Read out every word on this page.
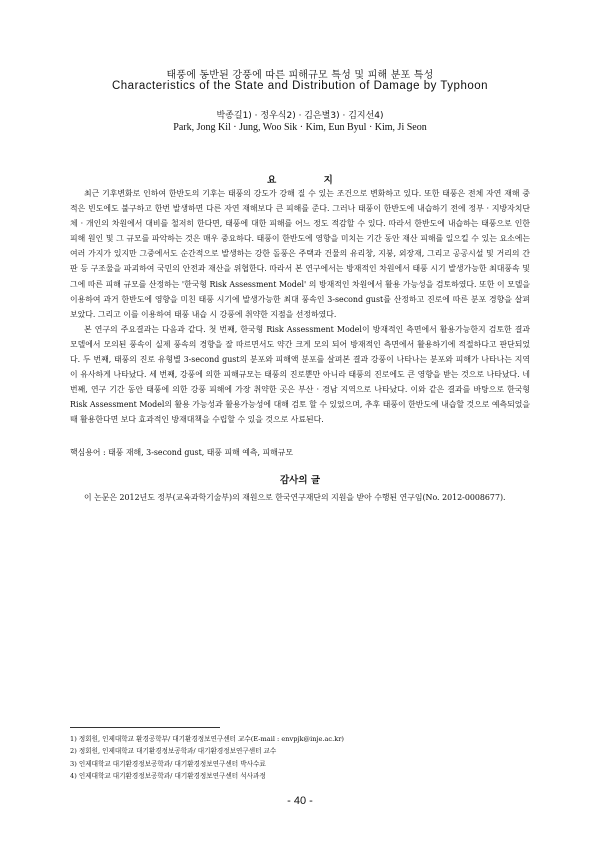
태풍에 동반된 강풍에 따른 피해규모 특성 및 피해 분포 특성
Characteristics of the State and Distribution of Damage by Typhoon
박종길1) · 정우식2) · 김은별3) · 김지선4)
Park, Jong Kil · Jung, Woo Sik · Kim, Eun Byul · Kim, Ji Seon
요 지

최근 기후변화로 인하여 한반도의 기후는 태풍의 강도가 강해 질 수 있는 조건으로 변화하고 있다. 또한 태풍은 전체 자연 재해 중 적은 빈도에도 불구하고 한번 발생하면 다른 자연 재해보다 큰 피해를 준다. 그러나 태풍이 한반도에 내습하기 전에 정부 · 지방자치단체 · 개인의 차원에서 대비를 철저히 한다면, 태풍에 대한 피해를 어느 정도 적감할 수 있다. 따라서 한반도에 내습하는 태풍으로 인한 피해 원인 및 그 규모를 파악하는 것은 매우 중요하다. 태풍이 한반도에 영향을 미치는 기간 동안 재산 피해를 일으킬 수 있는 요소에는 여러 가지가 있지만 그중에서도 순간적으로 발생하는 강한 돌풍은 주택과 건물의 유리창, 지붕, 외장재, 그리고 공공시설 및 거리의 간판 등 구조물을 파괴하여 국민의 안전과 재산을 위협한다. 따라서 본 연구에서는 방재적인 차원에서 태풍 시기 발생가능한 최대풍속 및 그에 따른 피해 규모를 산정하는 '한국형 Risk Assessment Model' 의 방재적인 차원에서 활용 가능성을 검토하였다. 또한 이 모델을 이용하여 과거 한반도에 영향을 미친 태풍 시기에 발생가능한 최대 풍속인 3-second gust를 산정하고 진로에 따른 분포 경향을 살펴보았다. 그리고 이를 이용하여 태풍 내습 시 강풍에 취약한 지점을 선정하였다.

본 연구의 주요결과는 다음과 같다. 첫 번째, 한국형 Risk Assessment Model이 방재적인 측면에서 활용가능한지 검토한 결과 모델에서 모의된 풍속이 실제 풍속의 경향을 잘 따르면서도 약간 크게 모의 되어 방재적인 측면에서 활용하기에 적절하다고 판단되었다. 두 번째, 태풍의 진로 유형별 3-second gust의 분포와 피해액 분포를 살펴본 결과 강풍이 나타나는 분포와 피해가 나타나는 지역이 유사하게 나타났다. 세 번째, 강풍에 의한 피해규모는 태풍의 진로뿐만 아니라 태풍의 진로에도 큰 영향을 받는 것으로 나타났다. 네 번째, 연구 기간 동안 태풍에 의한 강풍 피해에 가장 취약한 곳은 부산 · 경남 지역으로 나타났다. 이와 같은 결과를 바탕으로 한국형 Risk Assessment Model의 활용 가능성과 활용가능성에 대해 검토 할 수 있었으며, 추후 태풍이 한반도에 내습할 것으로 예측되었을 때 활용한다면 보다 효과적인 방재대책을 수립할 수 있을 것으로 사료된다.

핵심용어 : 태풍 재해, 3-second gust, 태풍 피해 예측, 피해규모
감사의 글
이 논문은 2012년도 정부(교육과학기술부)의 재원으로 한국연구재단의 지원을 받아 수행된 연구임(No. 2012-0008677).
1) 정회원, 인제대학교 환경공학부/ 대기환경정보연구센터 교수(E-mail : envpjk@inje.ac.kr)
2) 정회원, 인제대학교 대기환경정보공학과/ 대기환경정보연구센터 교수
3) 인제대학교 대기환경정보공학과/ 대기환경정보연구센터 박사수료
4) 인제대학교 대기환경정보공학과/ 대기환경정보연구센터 석사과정
- 40 -
